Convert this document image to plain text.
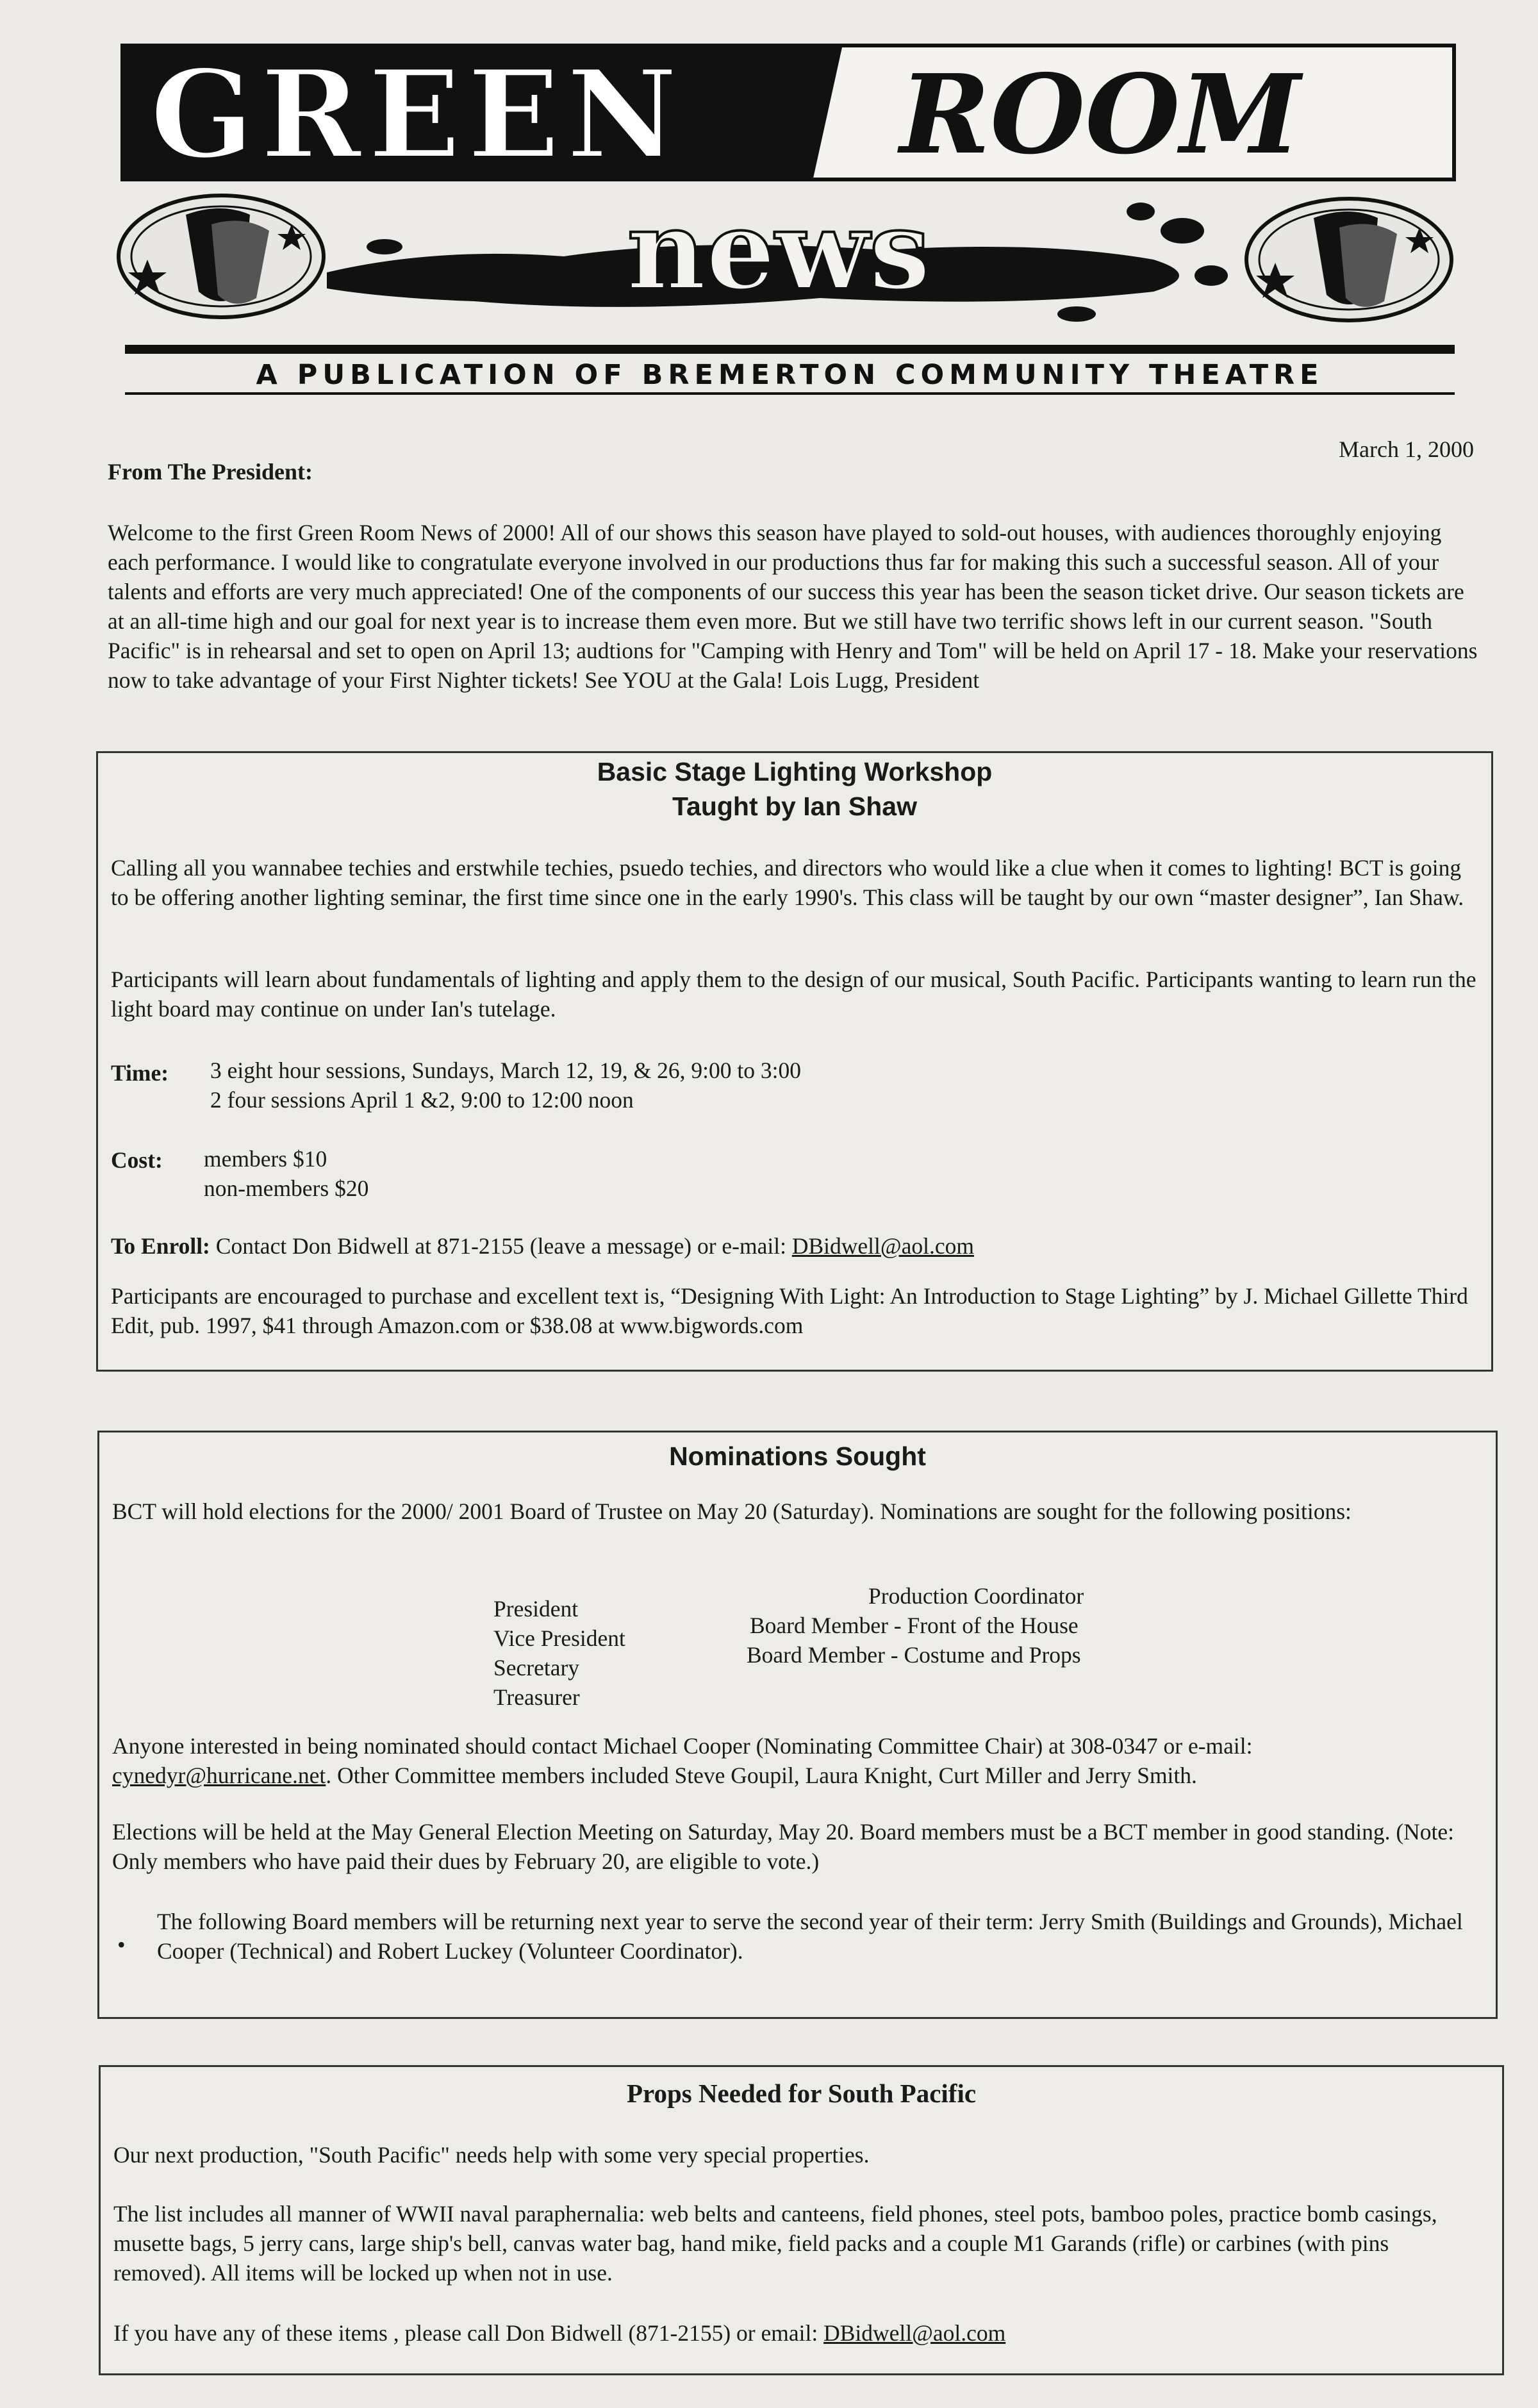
GREEN	ROOM
news
A PUBLICATION OF BREMERTON COMMUNITY THEATRE
March 1, 2000
From The President:

Welcome to the first Green Room News of 2000! All of our shows this season have played to sold-out houses, with audiences thoroughly enjoying each performance. I would like to congratulate everyone involved in our productions thus far for making this such a successful season. All of your talents and efforts are very much appreciated! One of the components of our success this year has been the season ticket drive. Our season tickets are at an all-time high and our goal for next year is to increase them even more. But we still have two terrific shows left in our current season. "South Pacific" is in rehearsal and set to open on April 13; audtions for "Camping with Henry and Tom" will be held on April 17 - 18. Make your reservations now to take advantage of your First Nighter tickets! See YOU at the Gala! Lois Lugg, President

Basic Stage Lighting Workshop
Taught by Ian Shaw

Calling all you wannabee techies and erstwhile techies, psuedo techies, and directors who would like a clue when it comes to lighting! BCT is going to be offering another lighting seminar, the first time since one in the early 1990's. This class will be taught by our own “master designer”, Ian Shaw.

Participants will learn about fundamentals of lighting and apply them to the design of our musical, South Pacific. Participants wanting to learn run the light board may continue on under Ian's tutelage.

Time: 3 eight hour sessions, Sundays, March 12, 19, & 26, 9:00 to 3:00
2 four sessions April 1 &2, 9:00 to 12:00 noon
Cost: members $10
non-members $20

To Enroll: Contact Don Bidwell at 871-2155 (leave a message) or e-mail: DBidwell@aol.com

Participants are encouraged to purchase and excellent text is, “Designing With Light: An Introduction to Stage Lighting” by J. Michael Gillette Third Edit, pub. 1997, $41 through Amazon.com or $38.08 at www.bigwords.com

Nominations Sought

BCT will hold elections for the 2000/ 2001 Board of Trustee on May 20 (Saturday). Nominations are sought for the following positions:

President
Vice President
Secretary
Treasurer
Production Coordinator
Board Member - Front of the House
Board Member - Costume and Props

Anyone interested in being nominated should contact Michael Cooper (Nominating Committee Chair) at 308-0347 or e-mail:
cynedyr@hurricane.net. Other Committee members included Steve Goupil, Laura Knight, Curt Miller and Jerry Smith.

Elections will be held at the May General Election Meeting on Saturday, May 20. Board members must be a BCT member in good standing. (Note: Only members who have paid their dues by February 20, are eligible to vote.)

•

The following Board members will be returning next year to serve the second year of their term: Jerry Smith (Buildings and Grounds), Michael Cooper (Technical) and Robert Luckey (Volunteer Coordinator).

Props Needed for South Pacific

Our next production, "South Pacific" needs help with some very special properties.

The list includes all manner of WWII naval paraphernalia: web belts and canteens, field phones, steel pots, bamboo poles, practice bomb casings, musette bags, 5 jerry cans, large ship's bell, canvas water bag, hand mike, field packs and a couple M1 Garands (rifle) or carbines (with pins removed). All items will be locked up when not in use.

If you have any of these items , please call Don Bidwell (871-2155) or email: DBidwell@aol.com
